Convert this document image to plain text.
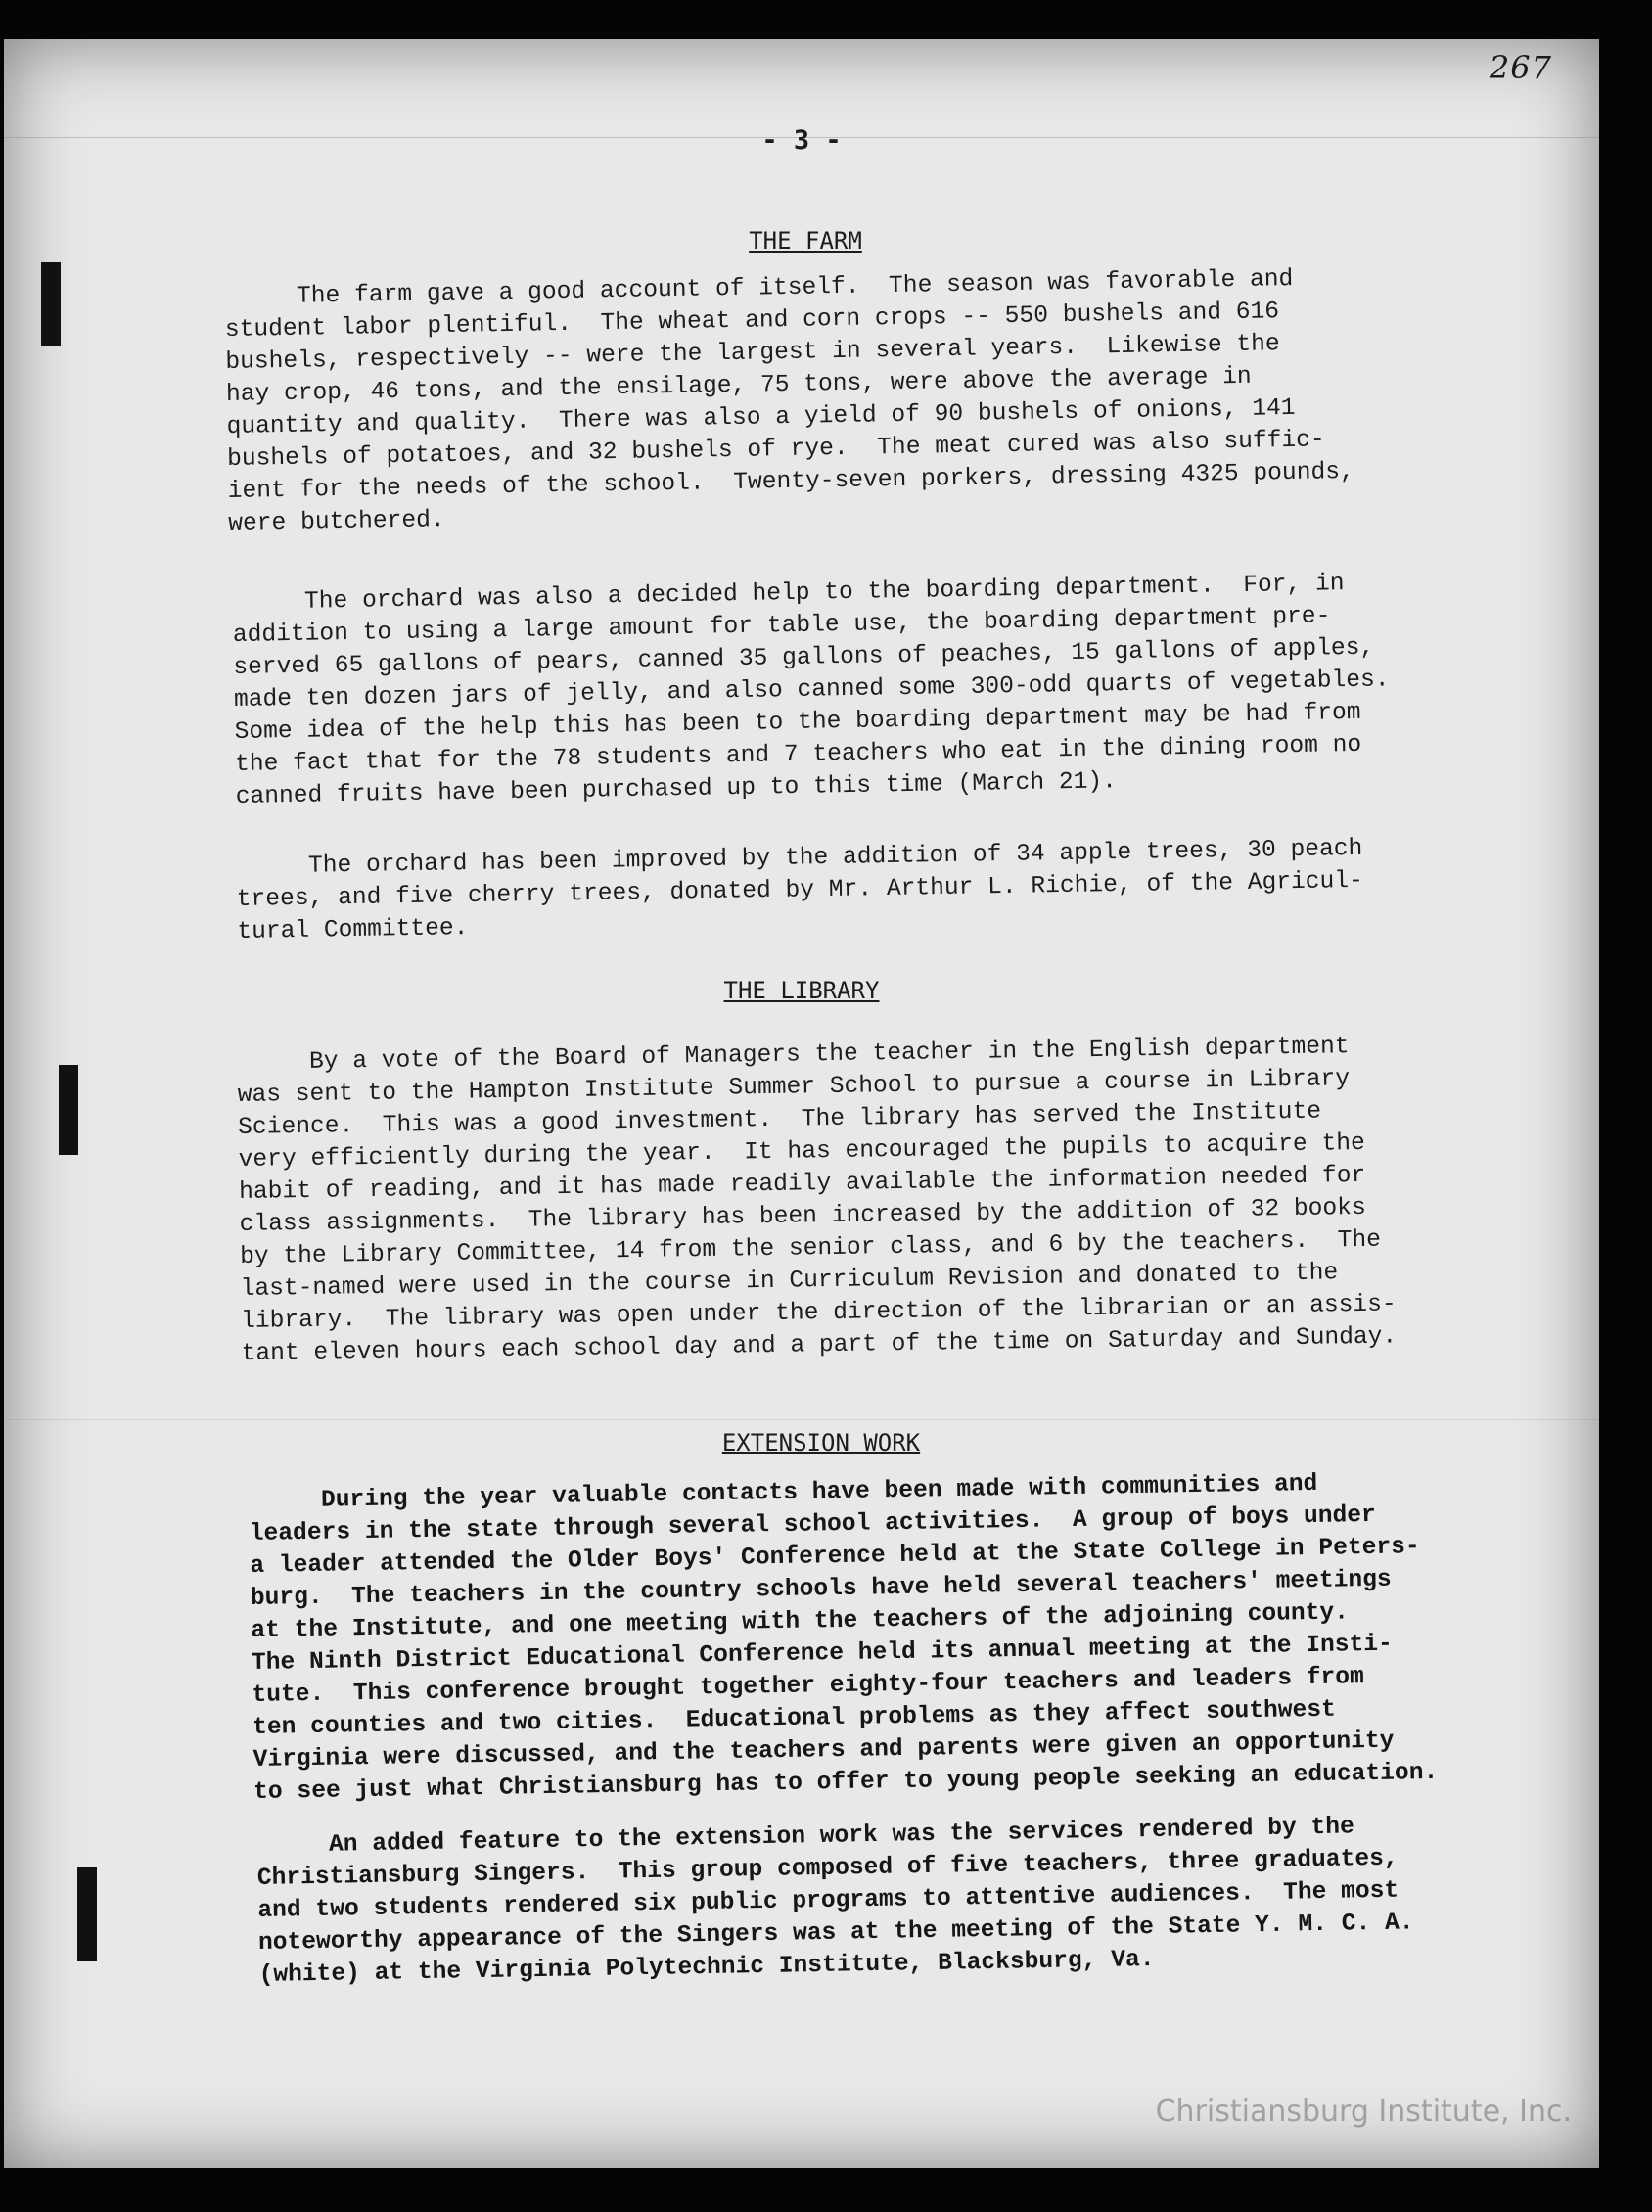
267
- 3 -
THE FARM
The farm gave a good account of itself.  The season was favorable and
student labor plentiful.  The wheat and corn crops -- 550 bushels and 616
bushels, respectively -- were the largest in several years.  Likewise the
hay crop, 46 tons, and the ensilage, 75 tons, were above the average in
quantity and quality.  There was also a yield of 90 bushels of onions, 141
bushels of potatoes, and 32 bushels of rye.  The meat cured was also suffic-
ient for the needs of the school.  Twenty-seven porkers, dressing 4325 pounds,
were butchered.
The orchard was also a decided help to the boarding department.  For, in
addition to using a large amount for table use, the boarding department pre-
served 65 gallons of pears, canned 35 gallons of peaches, 15 gallons of apples,
made ten dozen jars of jelly, and also canned some 300-odd quarts of vegetables.
Some idea of the help this has been to the boarding department may be had from
the fact that for the 78 students and 7 teachers who eat in the dining room no
canned fruits have been purchased up to this time (March 21).
The orchard has been improved by the addition of 34 apple trees, 30 peach
trees, and five cherry trees, donated by Mr. Arthur L. Richie, of the Agricul-
tural Committee.
THE LIBRARY
By a vote of the Board of Managers the teacher in the English department
was sent to the Hampton Institute Summer School to pursue a course in Library
Science.  This was a good investment.  The library has served the Institute
very efficiently during the year.  It has encouraged the pupils to acquire the
habit of reading, and it has made readily available the information needed for
class assignments.  The library has been increased by the addition of 32 books
by the Library Committee, 14 from the senior class, and 6 by the teachers.  The
last-named were used in the course in Curriculum Revision and donated to the
library.  The library was open under the direction of the librarian or an assis-
tant eleven hours each school day and a part of the time on Saturday and Sunday.
EXTENSION WORK
During the year valuable contacts have been made with communities and
leaders in the state through several school activities.  A group of boys under
a leader attended the Older Boys' Conference held at the State College in Peters-
burg.  The teachers in the country schools have held several teachers' meetings
at the Institute, and one meeting with the teachers of the adjoining county.
The Ninth District Educational Conference held its annual meeting at the Insti-
tute.  This conference brought together eighty-four teachers and leaders from
ten counties and two cities.  Educational problems as they affect southwest
Virginia were discussed, and the teachers and parents were given an opportunity
to see just what Christiansburg has to offer to young people seeking an education.
An added feature to the extension work was the services rendered by the
Christiansburg Singers.  This group composed of five teachers, three graduates,
and two students rendered six public programs to attentive audiences.  The most
noteworthy appearance of the Singers was at the meeting of the State Y. M. C. A.
(white) at the Virginia Polytechnic Institute, Blacksburg, Va.
Christiansburg Institute, Inc.
